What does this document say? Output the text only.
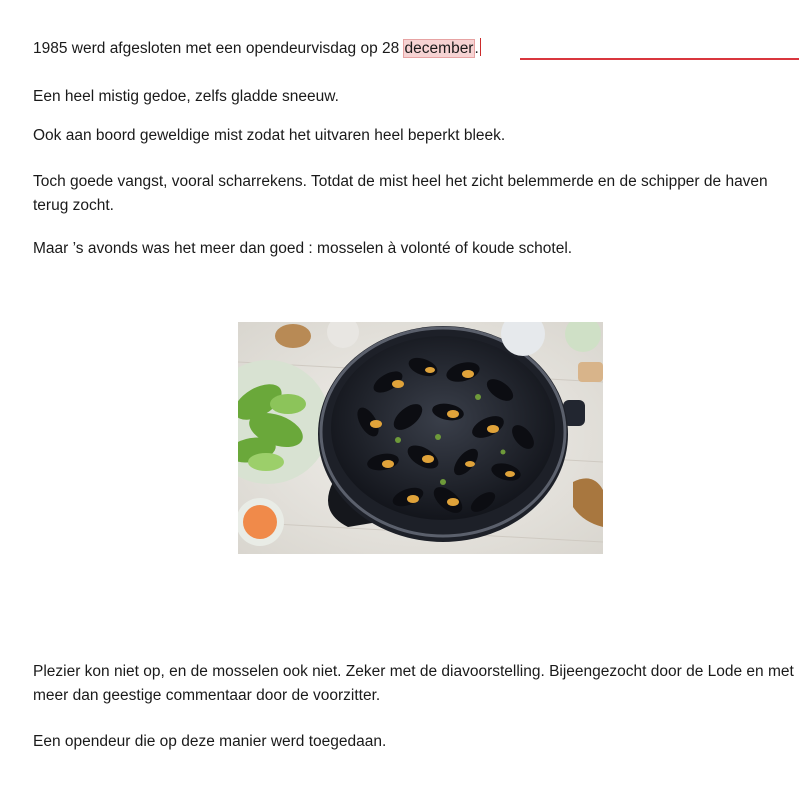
1985 werd afgesloten met een opendeurvisdag op 28 december.

Een heel mistig gedoe, zelfs gladde sneeuw.

Ook aan boord geweldige mist zodat het uitvaren heel beperkt bleek.

Toch goede vangst, vooral scharrekens. Totdat de mist heel het zicht belemmerde en de schipper de haven terug zocht.

Maar ’s avonds was het meer dan goed : mosselen à volonté of koude schotel.

Plezier kon niet op, en de mosselen ook niet. Zeker met de diavoorstelling. Bijeengezocht door de Lode en met meer dan geestige commentaar door de voorzitter.

Een opendeur die op deze manier werd toegedaan.
